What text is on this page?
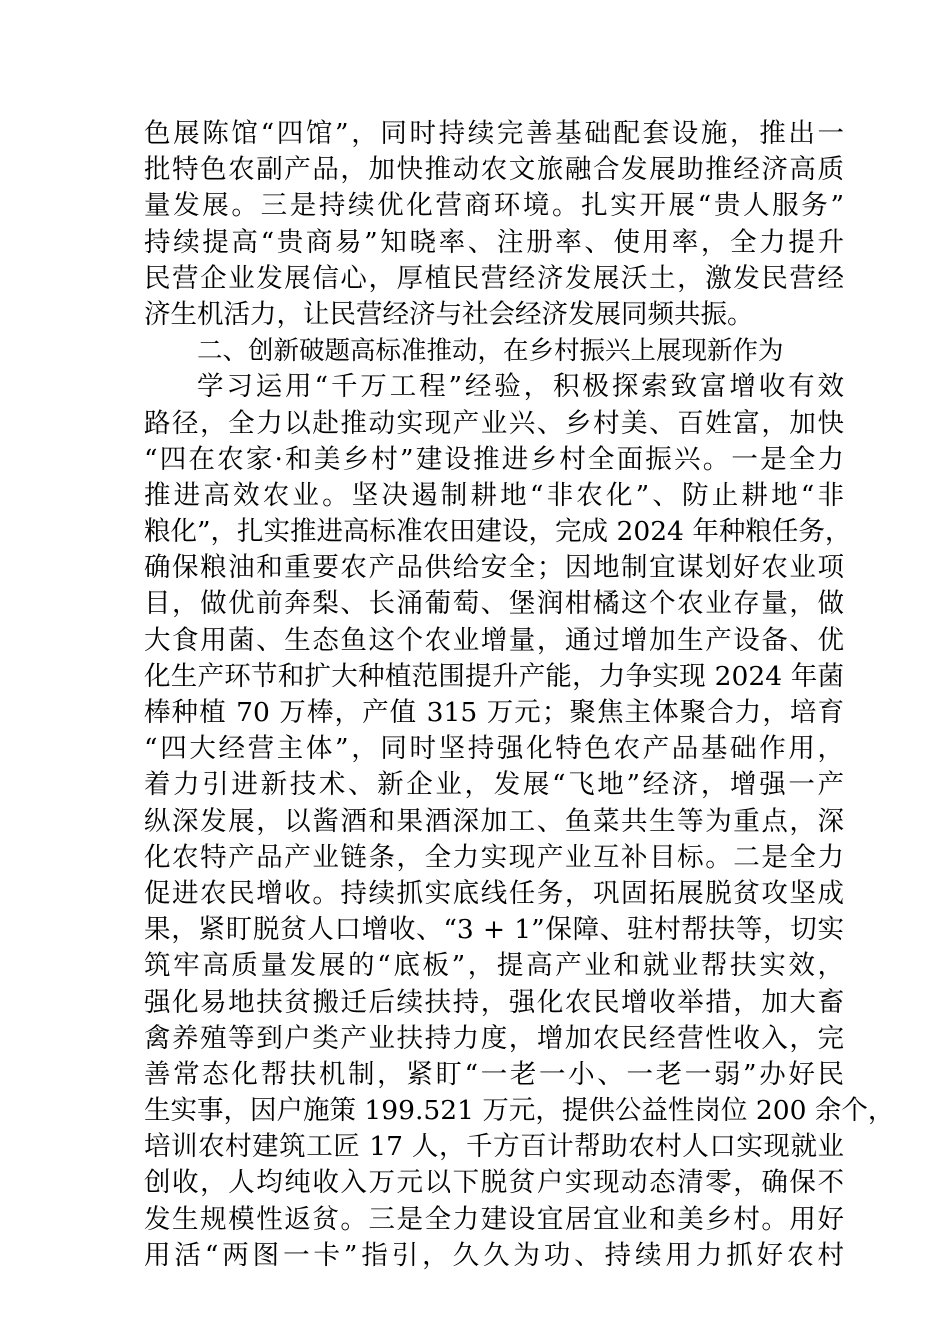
色展陈馆“四馆”，同时持续完善基础配套设施，推出一
批特色农副产品，加快推动农文旅融合发展助推经济高质
量发展。三是持续优化营商环境。扎实开展“贵人服务”
持续提高“贵商易”知晓率、注册率、使用率，全力提升
民营企业发展信心，厚植民营经济发展沃土，激发民营经
济生机活力，让民营经济与社会经济发展同频共振。
二、创新破题高标准推动，在乡村振兴上展现新作为
学习运用“千万工程”经验，积极探索致富增收有效
路径，全力以赴推动实现产业兴、乡村美、百姓富，加快
“四在农家·和美乡村”建设推进乡村全面振兴。一是全力
推进高效农业。坚决遏制耕地“非农化”、防止耕地“非
粮化”，扎实推进高标准农田建设，完成 2024 年种粮任务，
确保粮油和重要农产品供给安全；因地制宜谋划好农业项
目，做优前奔梨、长涌葡萄、堡润柑橘这个农业存量，做
大食用菌、生态鱼这个农业增量，通过增加生产设备、优
化生产环节和扩大种植范围提升产能，力争实现 2024 年菌
棒种植 70 万棒，产值 315 万元；聚焦主体聚合力，培育
“四大经营主体”，同时坚持强化特色农产品基础作用，
着力引进新技术、新企业，发展“飞地”经济，增强一产
纵深发展，以酱酒和果酒深加工、鱼菜共生等为重点，深
化农特产品产业链条，全力实现产业互补目标。二是全力
促进农民增收。持续抓实底线任务，巩固拓展脱贫攻坚成
果，紧盯脱贫人口增收、“3 + 1”保障、驻村帮扶等，切实
筑牢高质量发展的“底板”，提高产业和就业帮扶实效，
强化易地扶贫搬迁后续扶持，强化农民增收举措，加大畜
禽养殖等到户类产业扶持力度，增加农民经营性收入，完
善常态化帮扶机制，紧盯“一老一小、一老一弱”办好民
生实事，因户施策 199.521 万元，提供公益性岗位 200 余个，
培训农村建筑工匠 17 人，千方百计帮助农村人口实现就业
创收，人均纯收入万元以下脱贫户实现动态清零，确保不
发生规模性返贫。三是全力建设宜居宜业和美乡村。用好
用活“两图一卡”指引，久久为功、持续用力抓好农村
